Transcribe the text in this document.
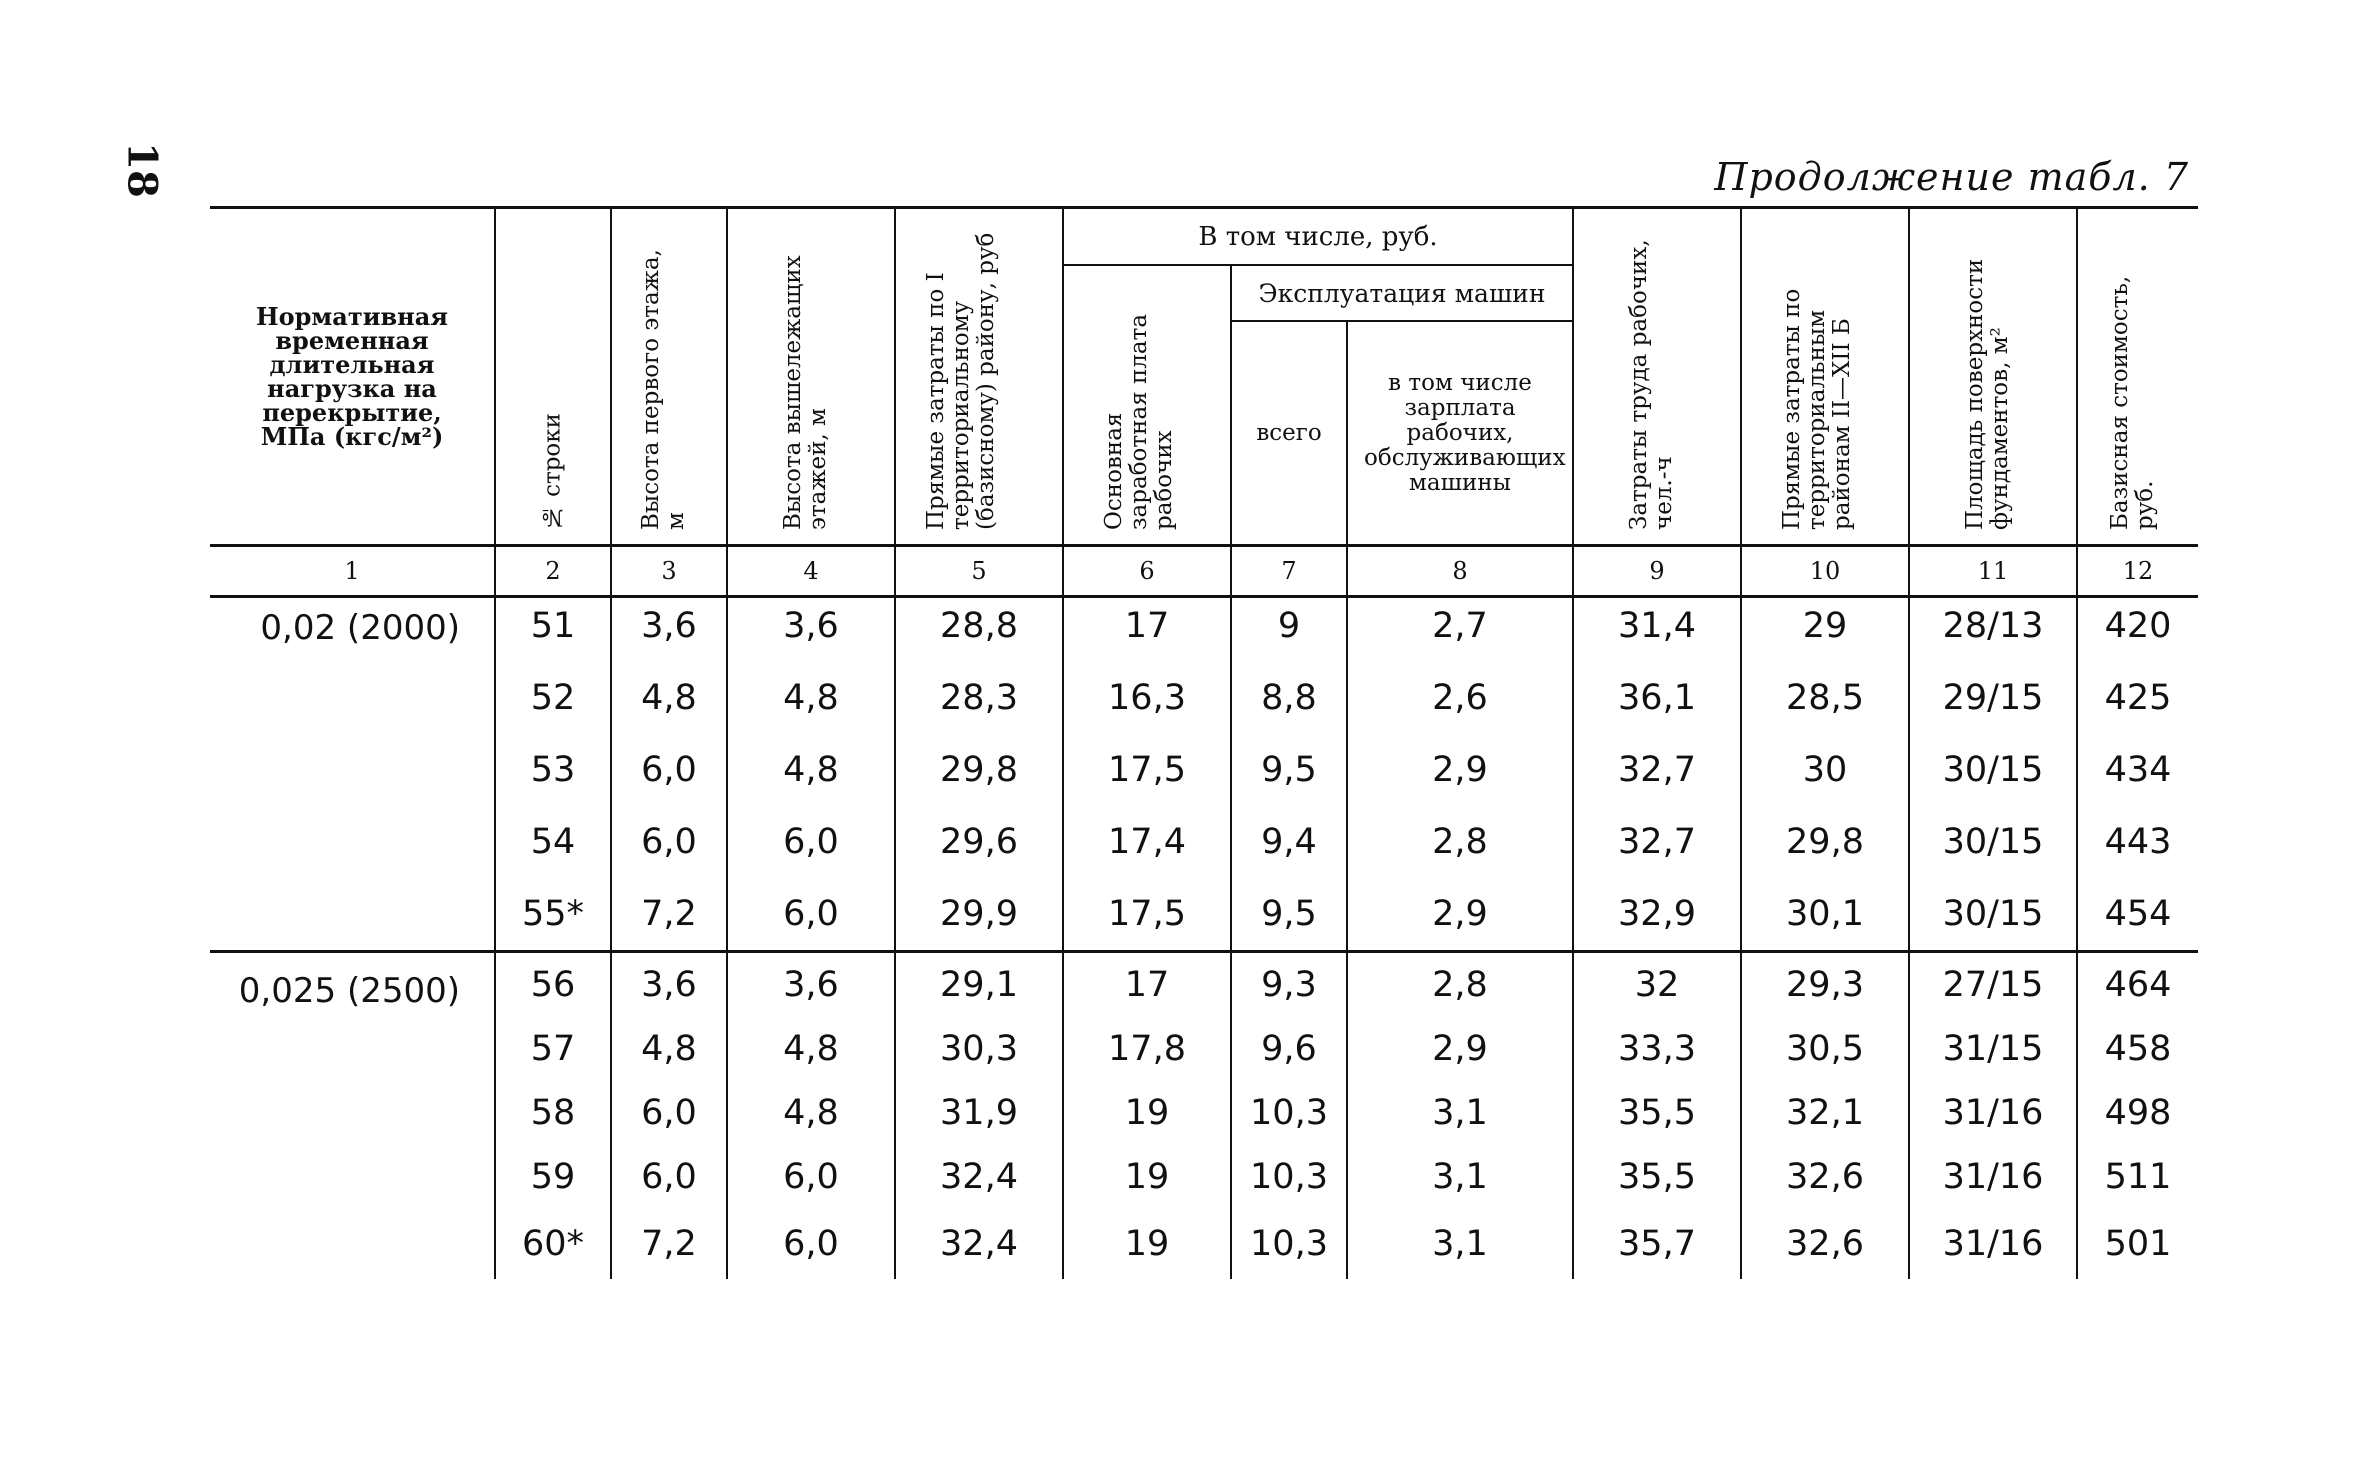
18	Продолжение табл. 7
Нормативная временная длительная нагрузка на перекрытие, МПа (кгс/м²)	№ строки	Высота первого этажа, м	Высота вышележащих этажей, м	Прямые затраты по I территориальному (базисному) району, руб	В том числе, руб.			Затраты труда рабочих, чел.-ч	Прямые затраты по территориальным районам II—XII Б	Площадь поверхности фундаментов, м²	Базисная стоимость, руб.

					Основная заработная плата рабочих	Эксплуатация машин					
						всего	в том числе зарплата рабочих, обслуживающих машины				

1	2	3	4	5	6	7	8	9	10	11	12
0,02 (2000)	51	3,6	3,6	28,8	17	9	2,7	31,4	29	28/13	420
	52	4,8	4,8	28,3	16,3	8,8	2,6	36,1	28,5	29/15	425
	53	6,0	4,8	29,8	17,5	9,5	2,9	32,7	30	30/15	434
	54	6,0	6,0	29,6	17,4	9,4	2,8	32,7	29,8	30/15	443
	55*	7,2	6,0	29,9	17,5	9,5	2,9	32,9	30,1	30/15	454
0,025 (2500)	56	3,6	3,6	29,1	17	9,3	2,8	32	29,3	27/15	464
	57	4,8	4,8	30,3	17,8	9,6	2,9	33,3	30,5	31/15	458
	58	6,0	4,8	31,9	19	10,3	3,1	35,5	32,1	31/16	498
	59	6,0	6,0	32,4	19	10,3	3,1	35,5	32,6	31/16	511
	60*	7,2	6,0	32,4	19	10,3	3,1	35,7	32,6	31/16	501
